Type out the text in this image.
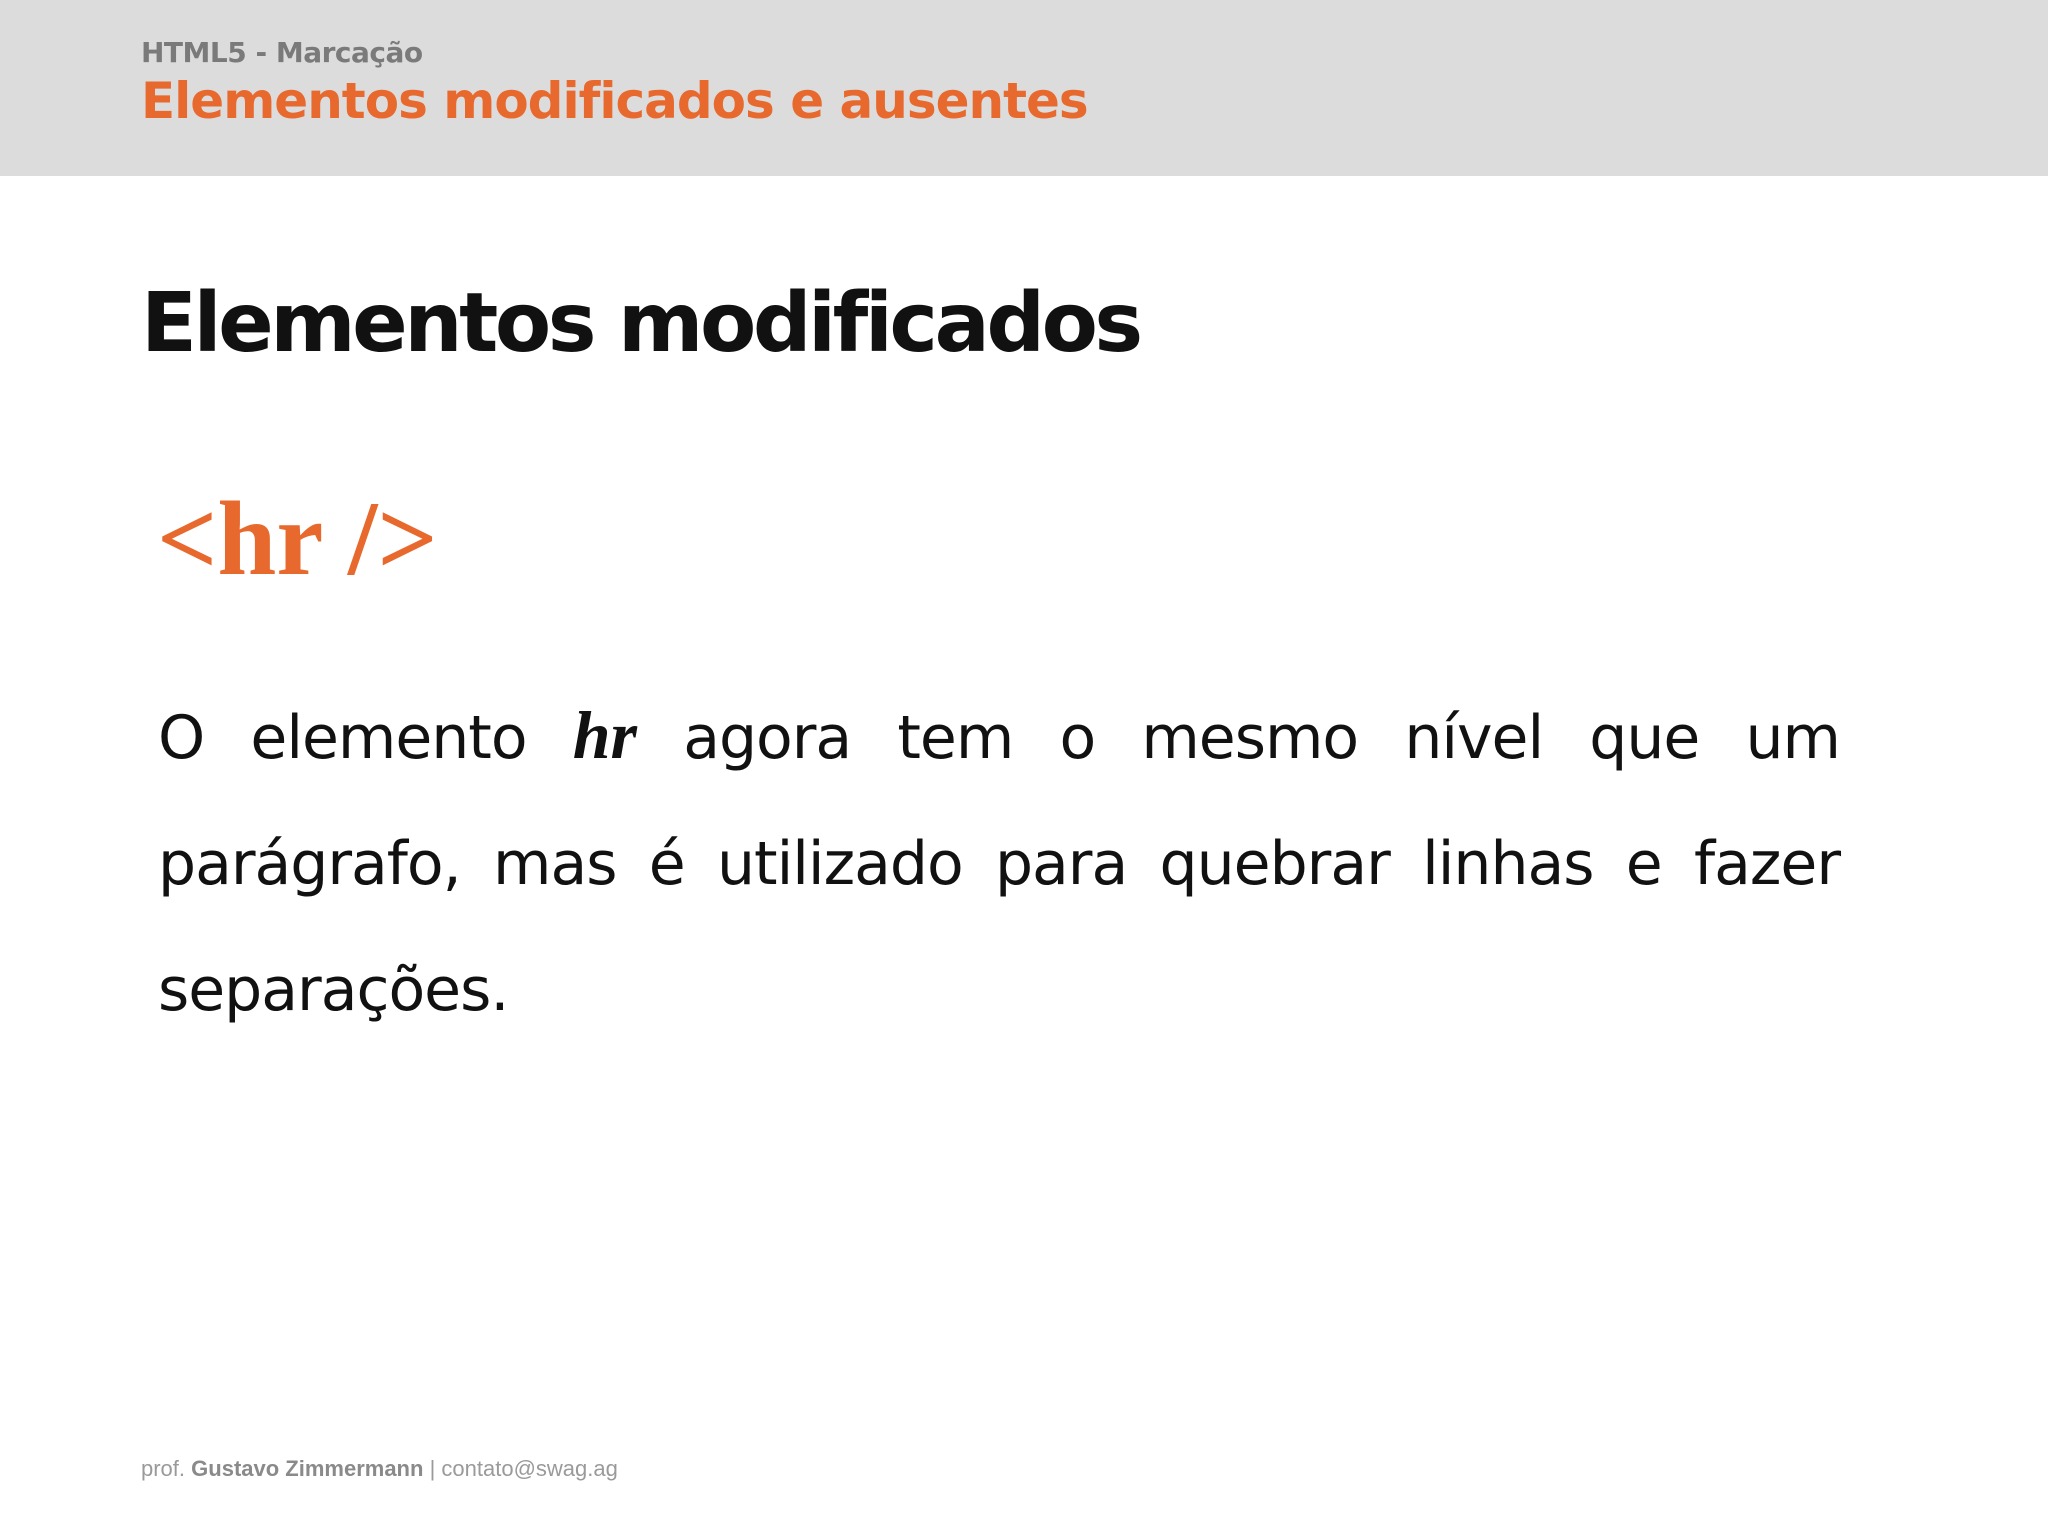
HTML5 - Marcação
Elementos modificados e ausentes
Elementos modificados
<hr />
O elemento hr agora tem o mesmo nível que um parágrafo, mas é utilizado para quebrar linhas e fazer separações.
prof. Gustavo Zimmermann | contato@swag.ag
